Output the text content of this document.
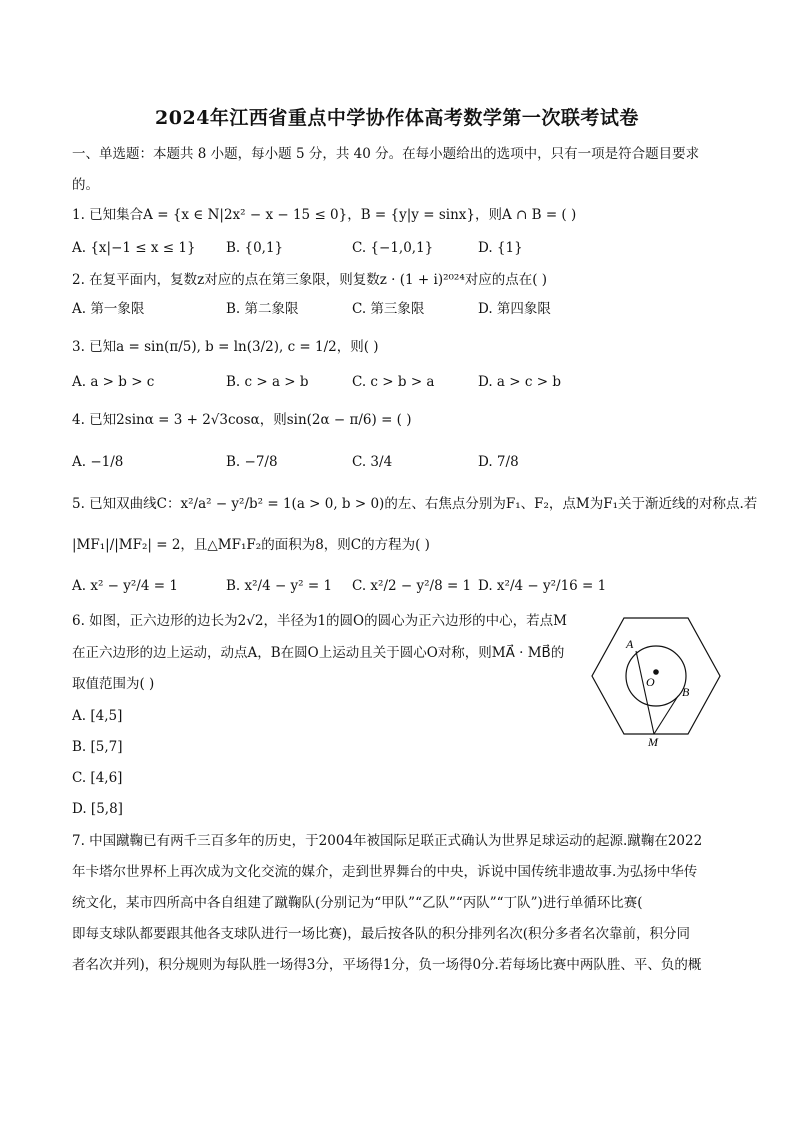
2024年江西省重点中学协作体高考数学第一次联考试卷
一、单选题：本题共 8 小题，每小题 5 分，共 40 分。在每小题给出的选项中，只有一项是符合题目要求
的。
1. 已知集合A = {x ∈ N|2x² − x − 15 ≤ 0}，B = {y|y = sinx}，则A ∩ B = ( )
A. {x|−1 ≤ x ≤ 1} B. {0,1}	C. {−1,0,1}	D. {1}
2. 在复平面内，复数z对应的点在第三象限，则复数z · (1 + i)²⁰²⁴对应的点在( )
A. 第一象限	B. 第二象限	C. 第三象限	D. 第四象限
3. 已知a = sin(π/5), b = ln(3/2), c = 1/2，则( )
A. a > b > c	B. c > a > b	C. c > b > a	D. a > c > b
4. 已知2sinα = 3 + 2√3cosα，则sin(2α − π/6) = ( )
A. −1/8	B. −7/8	C. 3/4	D. 7/8
5. 已知双曲线C：x²/a² − y²/b² = 1(a > 0, b > 0)的左、右焦点分别为F₁、F₂，点M为F₁关于渐近线的对称点.若
|MF₁|/|MF₂| = 2，且△MF₁F₂的面积为8，则C的方程为( )
A. x² − y²/4 = 1	B. x²/4 − y² = 1 C. x²/2 − y²/8 = 1 D. x²/4 − y²/16 = 1
6. 如图，正六边形的边长为2√2，半径为1的圆O的圆心为正六边形的中心，若点M
在正六边形的边上运动，动点A，B在圆O上运动且关于圆心O对称，则MA⃗ · MB⃗的
取值范围为( )
A. [4,5]
B. [5,7]
C. [4,6]
D. [5,8]
A
O
B
M
7. 中国蹴鞠已有两千三百多年的历史，于2004年被国际足联正式确认为世界足球运动的起源.蹴鞠在2022
年卡塔尔世界杯上再次成为文化交流的媒介，走到世界舞台的中央，诉说中国传统非遗故事.为弘扬中华传
统文化，某市四所高中各自组建了蹴鞠队(分别记为“甲队”“乙队”“丙队”“丁队”)进行单循环比赛(
即每支球队都要跟其他各支球队进行一场比赛)，最后按各队的积分排列名次(积分多者名次靠前，积分同
者名次并列)，积分规则为每队胜一场得3分，平场得1分，负一场得0分.若每场比赛中两队胜、平、负的概
